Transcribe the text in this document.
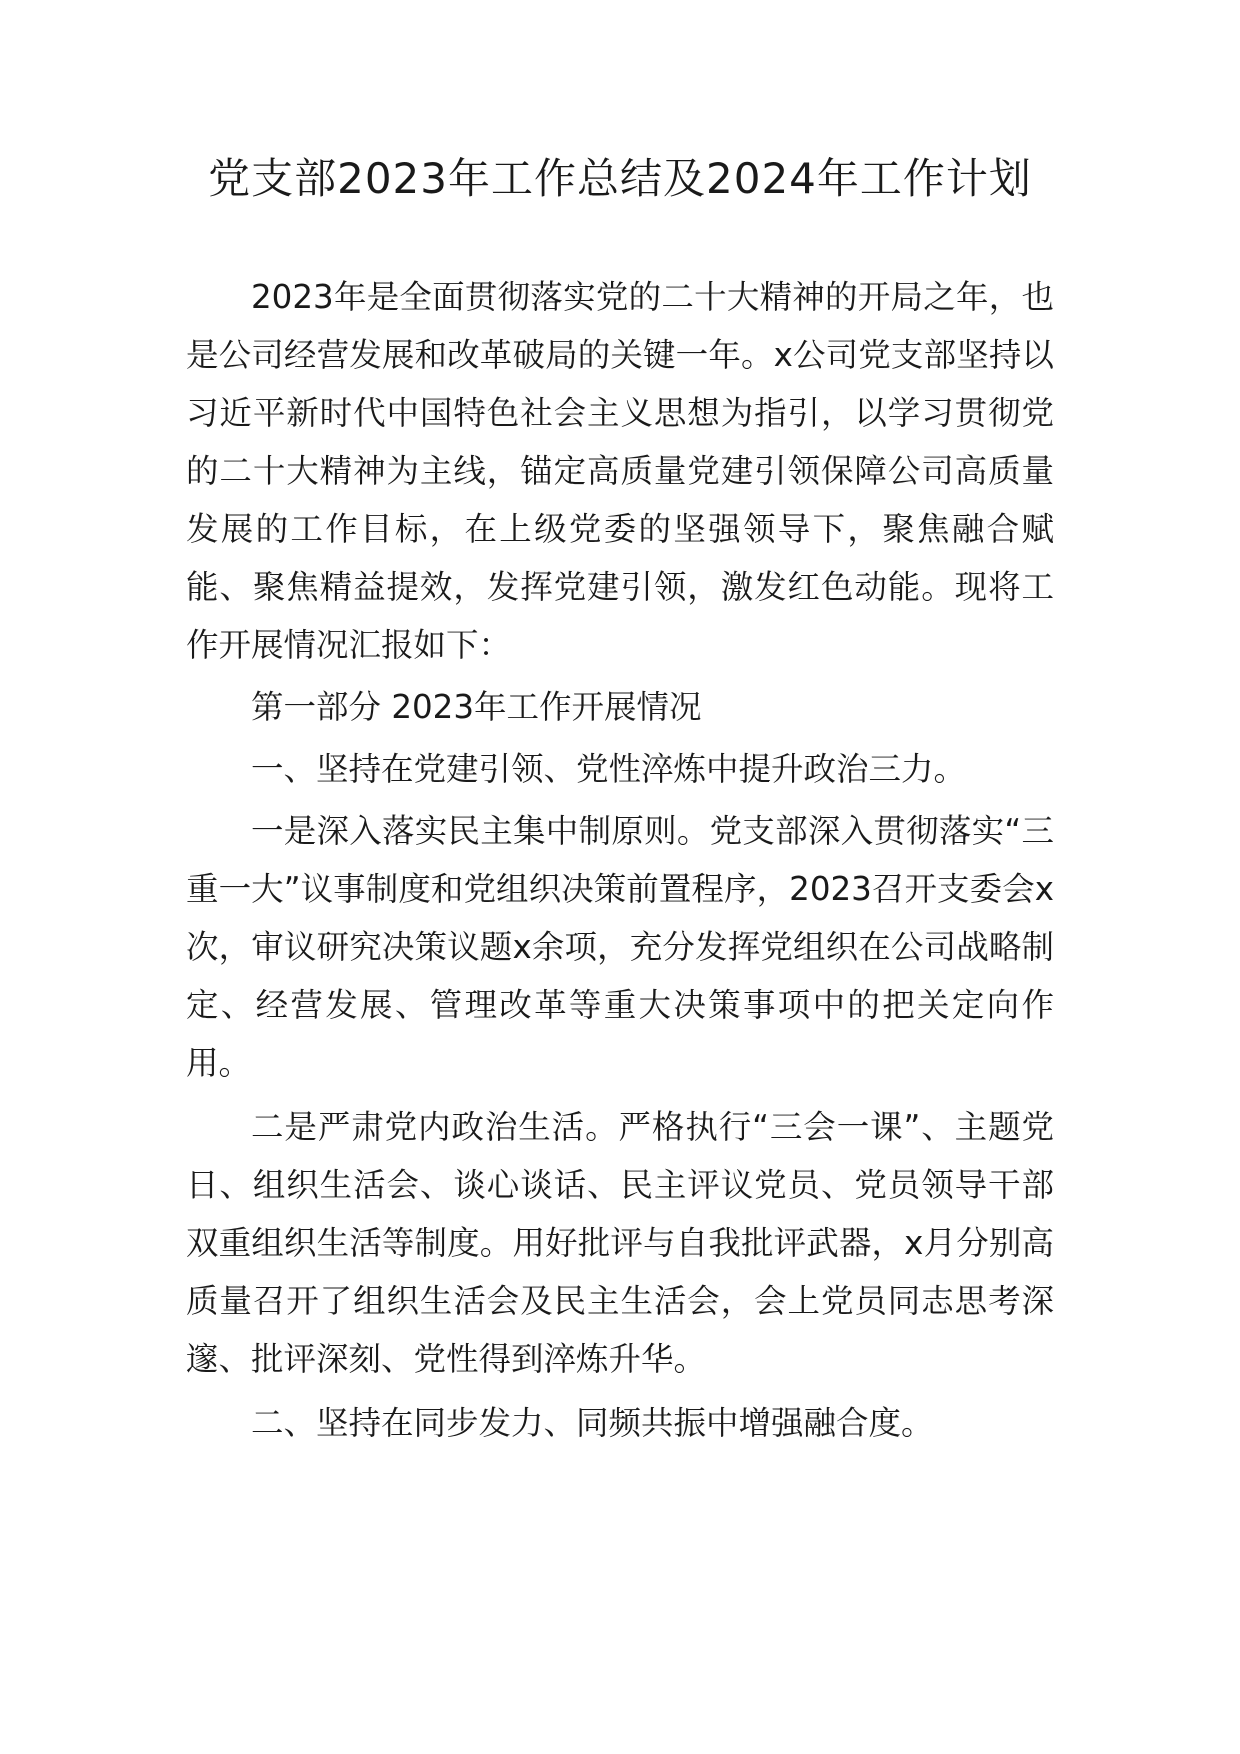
党支部2023年工作总结及2024年工作计划

2023年是全面贯彻落实党的二十大精神的开局之年，也是公司经营发展和改革破局的关键一年。x公司党支部坚持以习近平新时代中国特色社会主义思想为指引，以学习贯彻党的二十大精神为主线，锚定高质量党建引领保障公司高质量发展的工作目标，在上级党委的坚强领导下，聚焦融合赋能、聚焦精益提效，发挥党建引领，激发红色动能。现将工作开展情况汇报如下：

第一部分 2023年工作开展情况

一、坚持在党建引领、党性淬炼中提升政治三力。

一是深入落实民主集中制原则。党支部深入贯彻落实“三重一大”议事制度和党组织决策前置程序，2023召开支委会x次，审议研究决策议题x余项，充分发挥党组织在公司战略制定、经营发展、管理改革等重大决策事项中的把关定向作用。

二是严肃党内政治生活。严格执行“三会一课”、主题党日、组织生活会、谈心谈话、民主评议党员、党员领导干部双重组织生活等制度。用好批评与自我批评武器，x月分别高质量召开了组织生活会及民主生活会，会上党员同志思考深邃、批评深刻、党性得到淬炼升华。

二、坚持在同步发力、同频共振中增强融合度。
